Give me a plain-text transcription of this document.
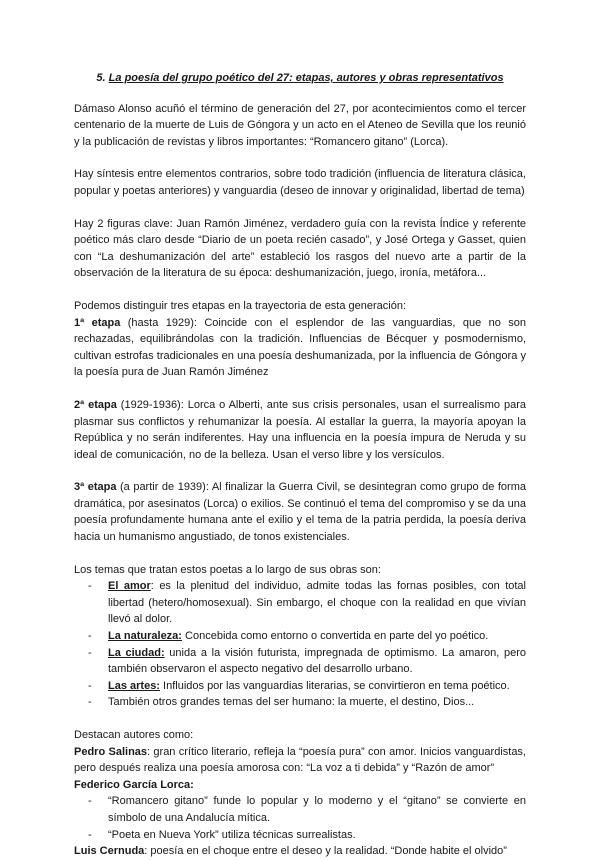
5. La poesía del grupo poético del 27: etapas, autores y obras representativos

Dámaso Alonso acuñó el término de generación del 27, por acontecimientos como el tercer centenario de la muerte de Luis de Góngora y un acto en el Ateneo de Sevilla que los reunió y la publicación de revistas y libros importantes: “Romancero gitano” (Lorca).

Hay síntesis entre elementos contrarios, sobre todo tradición (influencia de literatura clásica, popular y poetas anteriores) y vanguardia (deseo de innovar y originalidad, libertad de tema)

Hay 2 figuras clave: Juan Ramón Jiménez, verdadero guía con la revista Índice y referente poético más claro desde “Diario de un poeta recién casado”, y José Ortega y Gasset, quien con “La deshumanización del arte” estableció los rasgos del nuevo arte a partir de la observación de la literatura de su época: deshumanización, juego, ironía, metáfora...

Podemos distinguir tres etapas en la trayectoria de esta generación:

1ª etapa (hasta 1929): Coincide con el esplendor de las vanguardias, que no son rechazadas, equilibrándolas con la tradición. Influencias de Bécquer y posmodernismo, cultivan estrofas tradicionales en una poesía deshumanizada, por la influencia de Góngora y la poesía pura de Juan Ramón Jiménez

2ª etapa (1929-1936): Lorca o Alberti, ante sus crisis personales, usan el surrealismo para plasmar sus conflictos y rehumanizar la poesía. Al estallar la guerra, la mayoría apoyan la República y no serán indiferentes. Hay una influencia en la poesía impura de Neruda y su ideal de comunicación, no de la belleza. Usan el verso libre y los versículos.

3ª etapa (a partir de 1939): Al finalizar la Guerra Civil, se desintegran como grupo de forma dramática, por asesinatos (Lorca) o exilios. Se continuó el tema del compromiso y se da una poesía profundamente humana ante el exilio y el tema de la patria perdida, la poesía deriva hacia un humanismo angustiado, de tonos existenciales.

Los temas que tratan estos poetas a lo largo de sus obras son:

- El amor: es la plenitud del individuo, admite todas las fornas posibles, con total libertad (hetero/homosexual). Sin embargo, el choque con la realidad en que vivían llevó al dolor.
- La naturaleza: Concebida como entorno o convertida en parte del yo poético.
- La ciudad: unida a la visión futurista, impregnada de optimismo. La amaron, pero también observaron el aspecto negativo del desarrollo urbano.
- Las artes: Influidos por las vanguardias literarias, se convirtieron en tema poético.
- También otros grandes temas del ser humano: la muerte, el destino, Dios...

Destacan autores como:

Pedro Salinas: gran crítico literario, refleja la “poesía pura” con amor. Inicios vanguardistas, pero después realiza una poesía amorosa con: “La voz a ti debida” y “Razón de amor”

Federico García Lorca:

- “Romancero gitano” funde lo popular y lo moderno y el “gitano” se convierte en símbolo de una Andalucía mítica.
- “Poeta en Nueva York” utiliza técnicas surrealistas.

Luis Cernuda: poesía en el choque entre el deseo y la realidad. “Donde habite el olvido”
